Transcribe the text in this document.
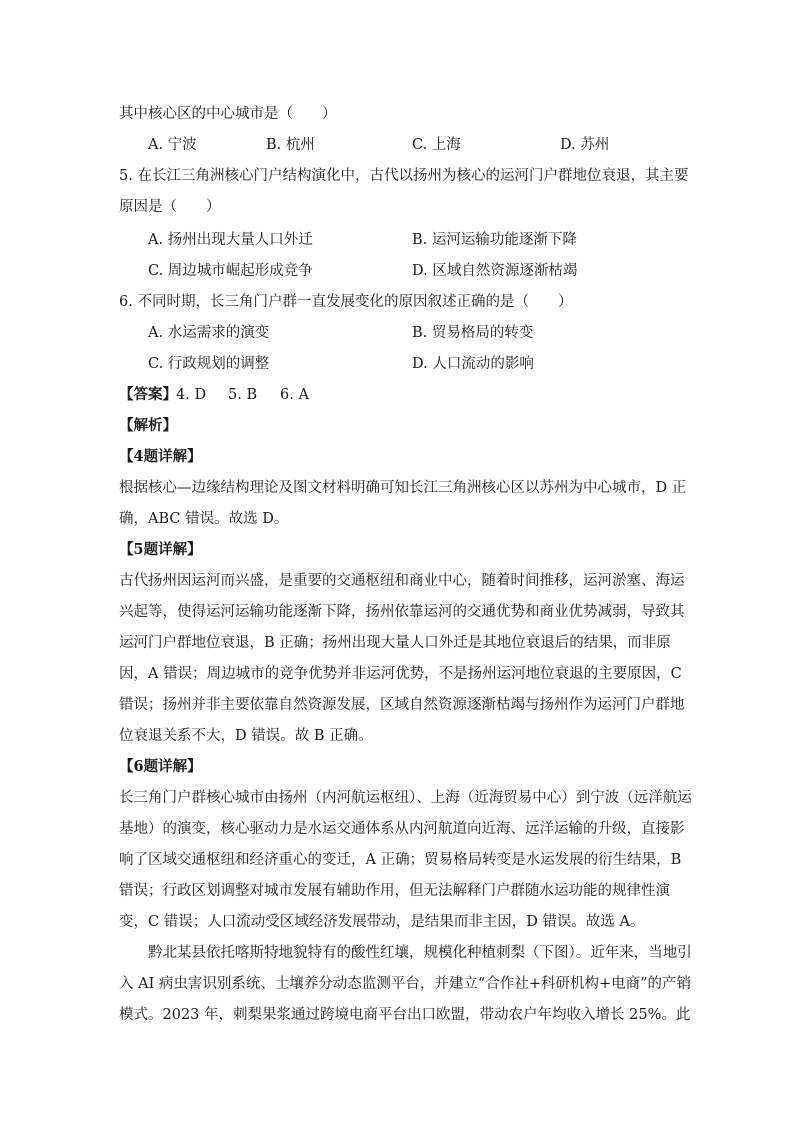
其中核心区的中心城市是（　　）
A. 宁波	B. 杭州	C. 上海	D. 苏州
5. 在长江三角洲核心门户结构演化中，古代以扬州为核心的运河门户群地位衰退，其主要
原因是（　　）
A. 扬州出现大量人口外迁	B. 运河运输功能逐渐下降
C. 周边城市崛起形成竞争	D. 区域自然资源逐渐枯竭
6. 不同时期，长三角门户群一直发展变化的原因叙述正确的是（　　）
A. 水运需求的演变	B. 贸易格局的转变
C. 行政规划的调整	D. 人口流动的影响
【答案】 4. D 5. B 6. A
【解析】
【4题详解】
根据核心—边缘结构理论及图文材料明确可知长江三角洲核心区以苏州为中心城市，D 正
确，ABC 错误。故选 D。
【5题详解】
古代扬州因运河而兴盛，是重要的交通枢纽和商业中心，随着时间推移，运河淤塞、海运
兴起等，使得运河运输功能逐渐下降，扬州依靠运河的交通优势和商业优势减弱，导致其
运河门户群地位衰退，B 正确；扬州出现大量人口外迁是其地位衰退后的结果，而非原
因，A 错误；周边城市的竞争优势并非运河优势，不是扬州运河地位衰退的主要原因，C
错误；扬州并非主要依靠自然资源发展，区域自然资源逐渐枯竭与扬州作为运河门户群地
位衰退关系不大，D 错误。故 B 正确。
【6题详解】
长三角门户群核心城市由扬州（内河航运枢纽）、上海（近海贸易中心）到宁波（远洋航运
基地）的演变，核心驱动力是水运交通体系从内河航道向近海、远洋运输的升级，直接影
响了区域交通枢纽和经济重心的变迁，A 正确；贸易格局转变是水运发展的衍生结果，B
错误；行政区划调整对城市发展有辅助作用，但无法解释门户群随水运功能的规律性演
变，C 错误；人口流动受区域经济发展带动，是结果而非主因，D 错误。故选 A。
黔北某县依托喀斯特地貌特有的酸性红壤，规模化种植刺梨（下图）。近年来，当地引
入 AI 病虫害识别系统、土壤养分动态监测平台，并建立“合作社+科研机构+电商”的产销
模式。2023 年，刺梨果浆通过跨境电商平台出口欧盟，带动农户年均收入增长 25%。此
